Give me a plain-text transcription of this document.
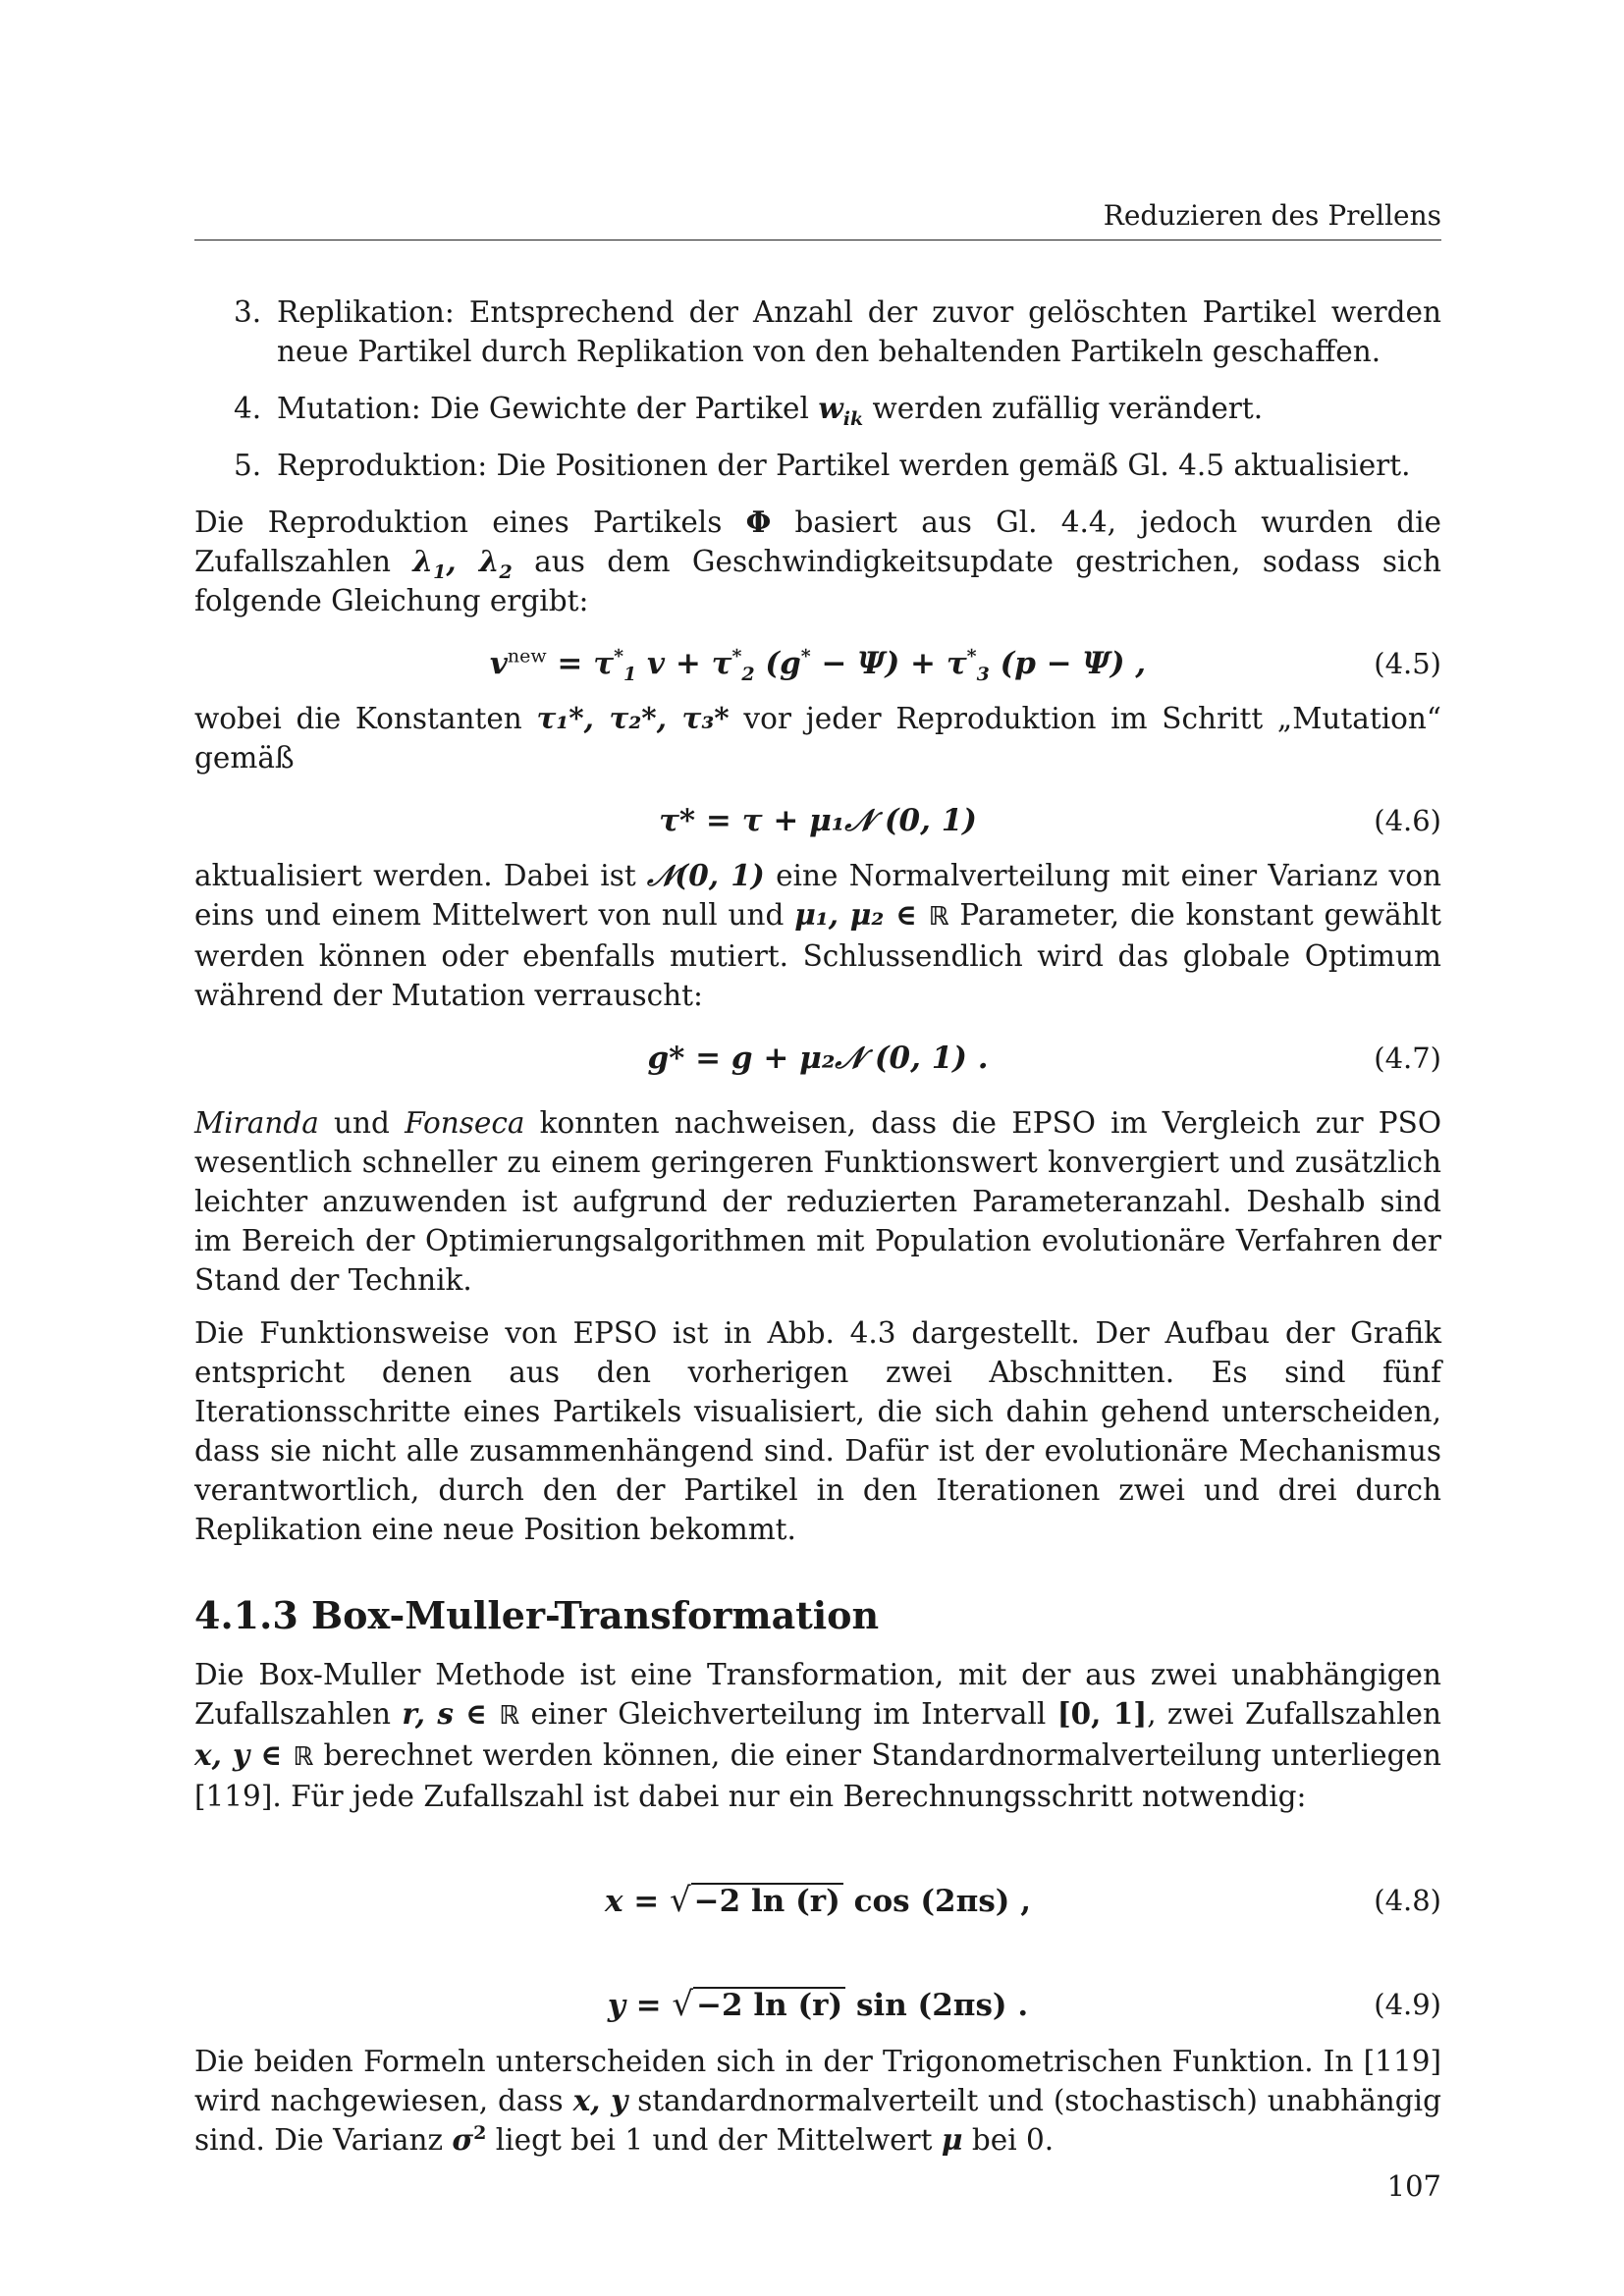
Reduzieren des Prellens
3. Replikation: Entsprechend der Anzahl der zuvor gelöschten Partikel werden neue Partikel durch Replikation von den behaltenden Partikeln geschaffen.
4. Mutation: Die Gewichte der Partikel $w_{ik}$ werden zufällig verändert.
5. Reproduktion: Die Positionen der Partikel werden gemäß Gl. 4.5 aktualisiert.

Die Reproduktion eines Partikels Φ basiert aus Gl. 4.4, jedoch wurden die Zufallszahlen $\lambda_1$, $\lambda_2$ aus dem Geschwindigkeitsupdate gestrichen, sodass sich folgende Gleichung ergibt:

$v^{new} = \tau^*_1$ $v + \tau^*_2$ $(g^* - \Psi) + \tau^*_3$ (p − Ψ) ,	(4.5)

wobei die Konstanten τ₁*, τ₂*, τ₃* vor jeder Reproduktion im Schritt „Mutation“ gemäß

τ* = τ + μ₁𝒩 (0, 1)	(4.6)

aktualisiert werden. Dabei ist 𝒩(0, 1) eine Normalverteilung mit einer Varianz von eins und einem Mittelwert von null und μ₁, μ₂ ∈ ℝ Parameter, die konstant gewählt werden können oder ebenfalls mutiert. Schlussendlich wird das globale Optimum während der Mutation verrauscht:

g* = g + μ₂𝒩 (0, 1) .	(4.7)

Miranda und Fonseca konnten nachweisen, dass die EPSO im Vergleich zur PSO wesentlich schneller zu einem geringeren Funktionswert konvergiert und zusätzlich leichter anzuwenden ist aufgrund der reduzierten Parameteranzahl. Deshalb sind im Bereich der Optimierungsalgorithmen mit Population evolutionäre Verfahren der Stand der Technik.

Die Funktionsweise von EPSO ist in Abb. 4.3 dargestellt. Der Aufbau der Grafik entspricht denen aus den vorherigen zwei Abschnitten. Es sind fünf Iterationsschritte eines Partikels visualisiert, die sich dahin gehend unterscheiden, dass sie nicht alle zusammenhängend sind. Dafür ist der evolutionäre Mechanismus verantwortlich, durch den der Partikel in den Iterationen zwei und drei durch Replikation eine neue Position bekommt.

4.1.3 Box-Muller-Transformation

Die Box-Muller Methode ist eine Transformation, mit der aus zwei unabhängigen Zufallszahlen r, s ∈ ℝ einer Gleichverteilung im Intervall [0, 1], zwei Zufallszahlen x, y ∈ ℝ berechnet werden können, die einer Standardnormalverteilung unterliegen [119]. Für jede Zufallszahl ist dabei nur ein Berechnungsschritt notwendig:

x = √−2 ln (r) cos (2πs) ,	(4.8)
y = √−2 ln (r) sin (2πs) .	(4.9)

Die beiden Formeln unterscheiden sich in der Trigonometrischen Funktion. In [119] wird nachgewiesen, dass x, y standardnormalverteilt und (stochastisch) unabhängig sind. Die Varianz $\sigma^2$ liegt bei 1 und der Mittelwert μ bei 0.

107
